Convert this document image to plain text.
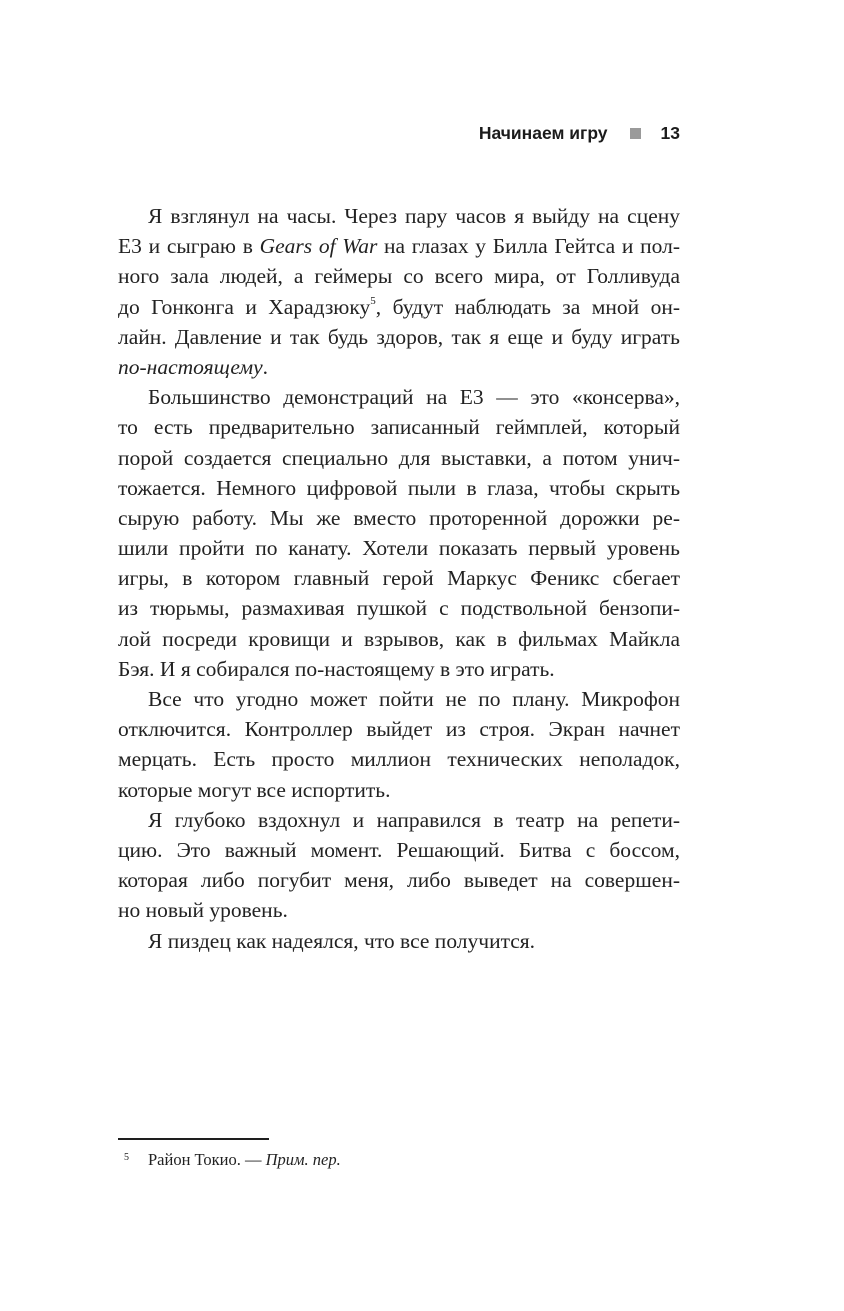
Начинаем игру	13
Я взглянул на часы. Через пару часов я выйду на сцену
E3 и сыграю в Gears of War на глазах у Билла Гейтса и пол-
ного зала людей, а геймеры со всего мира, от Голливуда
до Гонконга и Харадзюку$^5$, будут наблюдать за мной он-
лайн. Давление и так будь здоров, так я еще и буду играть
по-настоящему.
Большинство демонстраций на E3 — это «консерва»,
то есть предварительно записанный геймплей, который
порой создается специально для выставки, а потом унич-
тожается. Немного цифровой пыли в глаза, чтобы скрыть
сырую работу. Мы же вместо проторенной дорожки ре-
шили пройти по канату. Хотели показать первый уровень
игры, в котором главный герой Маркус Феникс сбегает
из тюрьмы, размахивая пушкой с подствольной бензопи-
лой посреди кровищи и взрывов, как в фильмах Майкла
Бэя. И я собирался по-настоящему в это играть.
Все что угодно может пойти не по плану. Микрофон
отключится. Контроллер выйдет из строя. Экран начнет
мерцать. Есть просто миллион технических неполадок,
которые могут все испортить.
Я глубоко вздохнул и направился в театр на репети-
цию. Это важный момент. Решающий. Битва с боссом,
которая либо погубит меня, либо выведет на совершен-
но новый уровень.
Я пиздец как надеялся, что все получится.
5 Район Токио. — Прим. пер.
